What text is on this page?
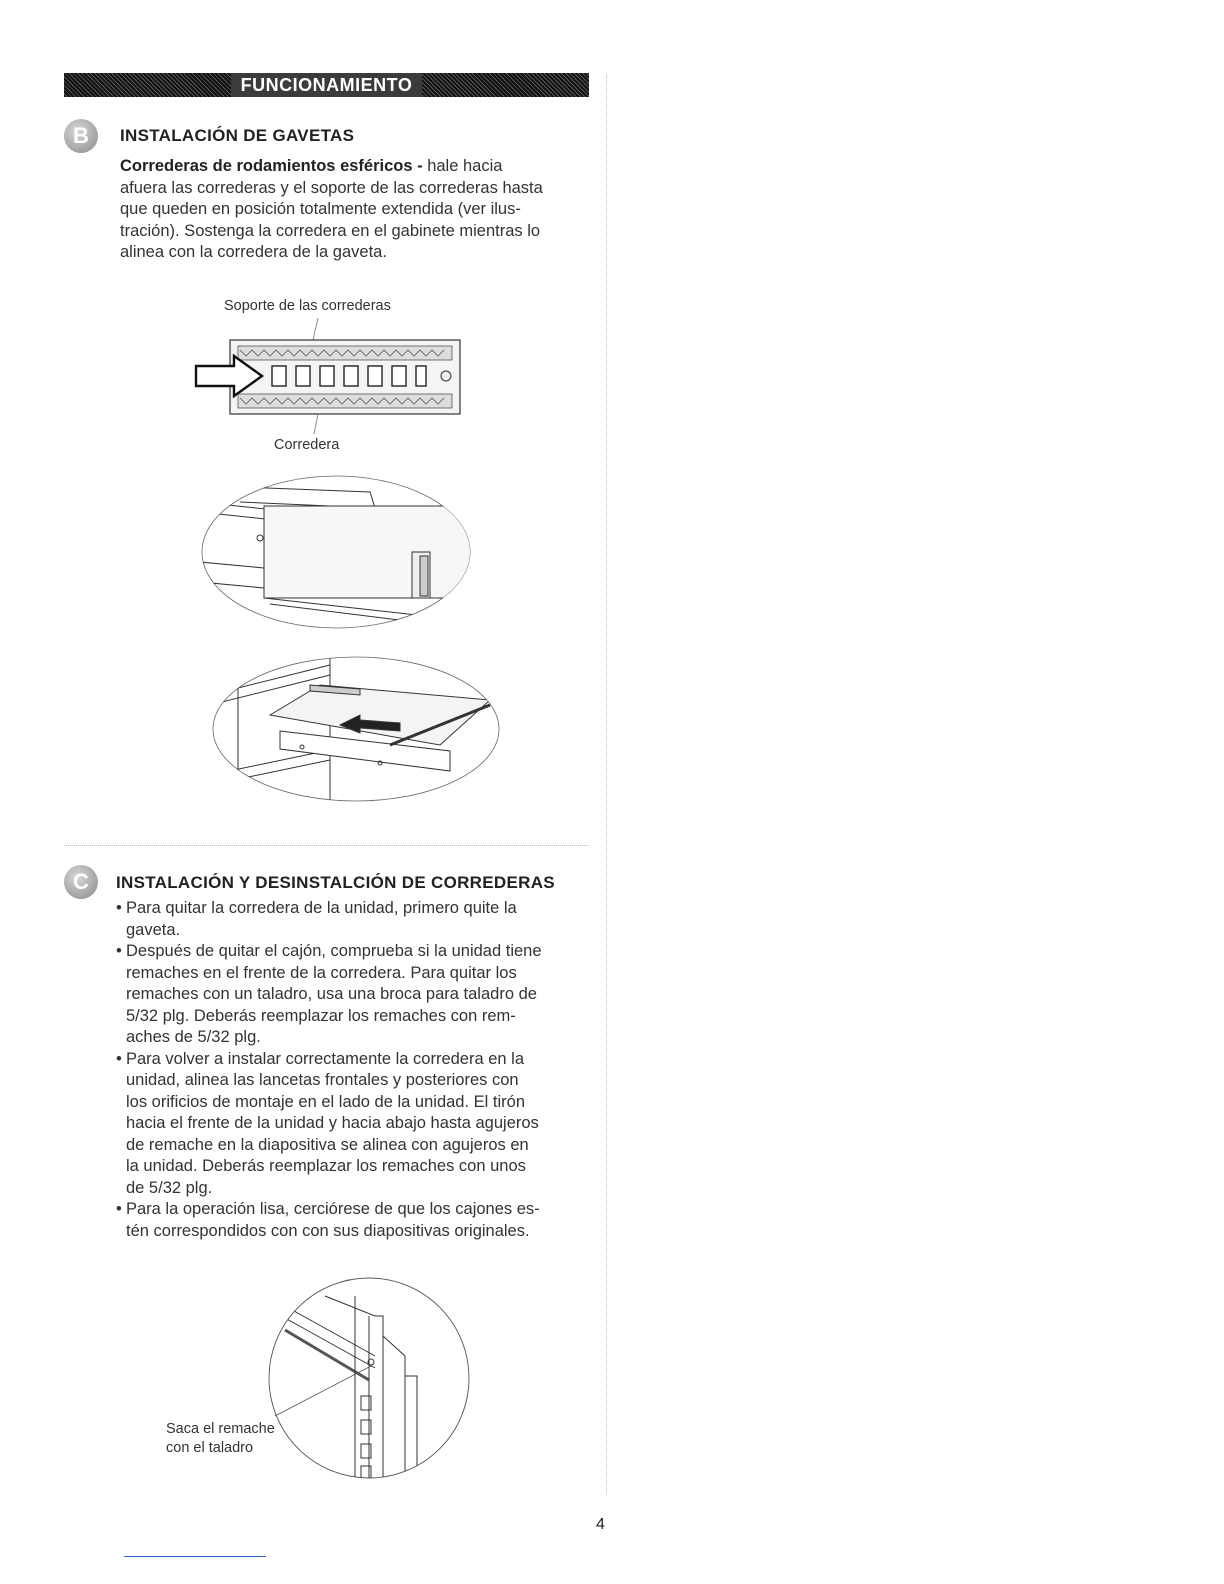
FUNCIONAMIENTO
B	INSTALACIÓN DE GAVETAS
Correderas de rodamientos esféricos - hale hacia
afuera las correderas y el soporte de las correderas hasta
que queden en posición totalmente extendida (ver ilus-
tración). Sostenga la corredera en el gabinete mientras lo
alinea con la corredera de la gaveta.
Soporte de las correderas
Corredera
C	INSTALACIÓN Y DESINSTALCIÓN DE CORREDERAS
• Para quitar la corredera de la unidad, primero quite la
gaveta.
• Después de quitar el cajón, comprueba si la unidad tiene
remaches en el frente de la corredera. Para quitar los
remaches con un taladro, usa una broca para taladro de
5/32 plg. Deberás reemplazar los remaches con rem-
aches de 5/32 plg.
• Para volver a instalar correctamente la corredera en la
unidad, alinea las lancetas frontales y posteriores con
los orificios de montaje en el lado de la unidad. El tirón
hacia el frente de la unidad y hacia abajo hasta agujeros
de remache en la diapositiva se alinea con agujeros en
la unidad. Deberás reemplazar los remaches con unos
de 5/32 plg.
• Para la operación lisa, cerciórese de que los cajones es-
tén correspondidos con con sus diapositivas originales.
Saca el remache
con el taladro
4
